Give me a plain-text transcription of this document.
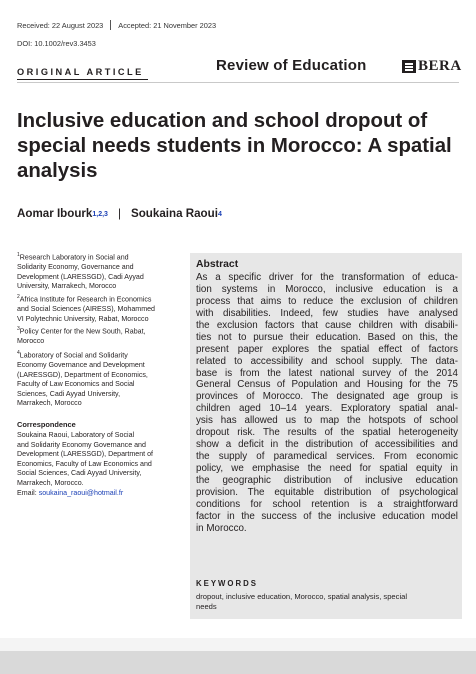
Received: 22 August 2023 Accepted: 21 November 2023
DOI: 10.1002/rev3.3453
ORIGINAL ARTICLE	Review of Education	BERA
Inclusive education and school dropout of
special needs students in Morocco: A spatial
analysis
Aomar Ibourk$^{1,2,3}$ | Soukaina Raoui$^4$
$^1$Research Laboratory in Social and
Solidarity Economy, Governance and
Development (LARESSGD), Cadi Ayyad
University, Marrakech, Morocco
$^2$Africa Institute for Research in Economics
and Social Sciences (AIRESS), Mohammed
VI Polytechnic University, Rabat, Morocco
$^3$Policy Center for the New South, Rabat,
Morocco
$^4$Laboratory of Social and Solidarity
Economy Governance and Development
(LARESSGD), Department of Economics,
Faculty of Law Economics and Social
Sciences, Cadi Ayyad University,
Marrakech, Morocco
Correspondence
Soukaina Raoui, Laboratory of Social
and Solidarity Economy Governance and
Development (LARESSGD), Department of
Economics, Faculty of Law Economics and
Social Sciences, Cadi Ayyad University,
Marrakech, Morocco.
Email: soukaina_raoui@hotmail.fr
Abstract
As a specific driver for the transformation of educa-
tion systems in Morocco, inclusive education is a
process that aims to reduce the exclusion of children
with disabilities. Indeed, few studies have analysed
the exclusion factors that cause children with disabili-
ties not to pursue their education. Based on this, the
present paper explores the spatial effect of factors
related to accessibility and school supply. The data-
base is from the latest national survey of the 2014
General Census of Population and Housing for the 75
provinces of Morocco. The designated age group is
children aged 10–14 years. Exploratory spatial anal-
ysis has allowed us to map the hotspots of school
dropout risk. The results of the spatial heterogeneity
show a deficit in the distribution of accessibilities and
the supply of paramedical services. From economic
policy, we emphasise the need for spatial equity in
the geographic distribution of inclusive education
provision. The equitable distribution of psychological
conditions for school retention is a straightforward
factor in the success of the inclusive education model
in Morocco.
KEYWORDS
dropout, inclusive education, Morocco, spatial analysis, special
needs
